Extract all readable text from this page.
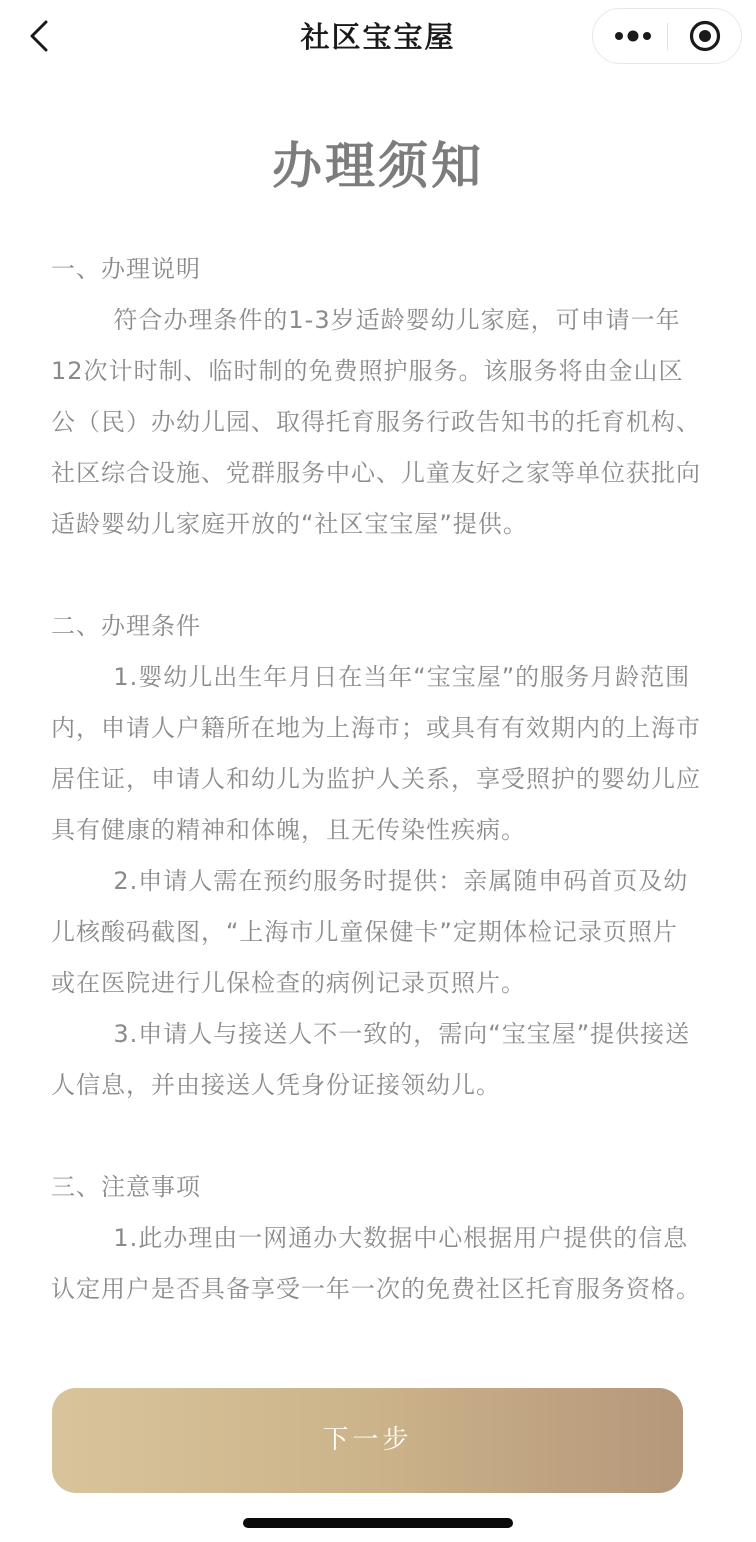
社区宝宝屋
办理须知
一、办理说明

符合办理条件的1-3岁适龄婴幼儿家庭，可申请一年12次计时制、临时制的免费照护服务。该服务将由金山区公（民）办幼儿园、取得托育服务行政告知书的托育机构、社区综合设施、党群服务中心、儿童友好之家等单位获批向适龄婴幼儿家庭开放的“社区宝宝屋”提供。

二、办理条件

1.婴幼儿出生年月日在当年“宝宝屋”的服务月龄范围内，申请人户籍所在地为上海市；或具有有效期内的上海市居住证，申请人和幼儿为监护人关系，享受照护的婴幼儿应具有健康的精神和体魄，且无传染性疾病。

2.申请人需在预约服务时提供：亲属随申码首页及幼儿核酸码截图，“上海市儿童保健卡”定期体检记录页照片或在医院进行儿保检查的病例记录页照片。

3.申请人与接送人不一致的，需向“宝宝屋”提供接送人信息，并由接送人凭身份证接领幼儿。

三、注意事项

1.此办理由一网通办大数据中心根据用户提供的信息认定用户是否具备享受一年一次的免费社区托育服务资格。

下一步
